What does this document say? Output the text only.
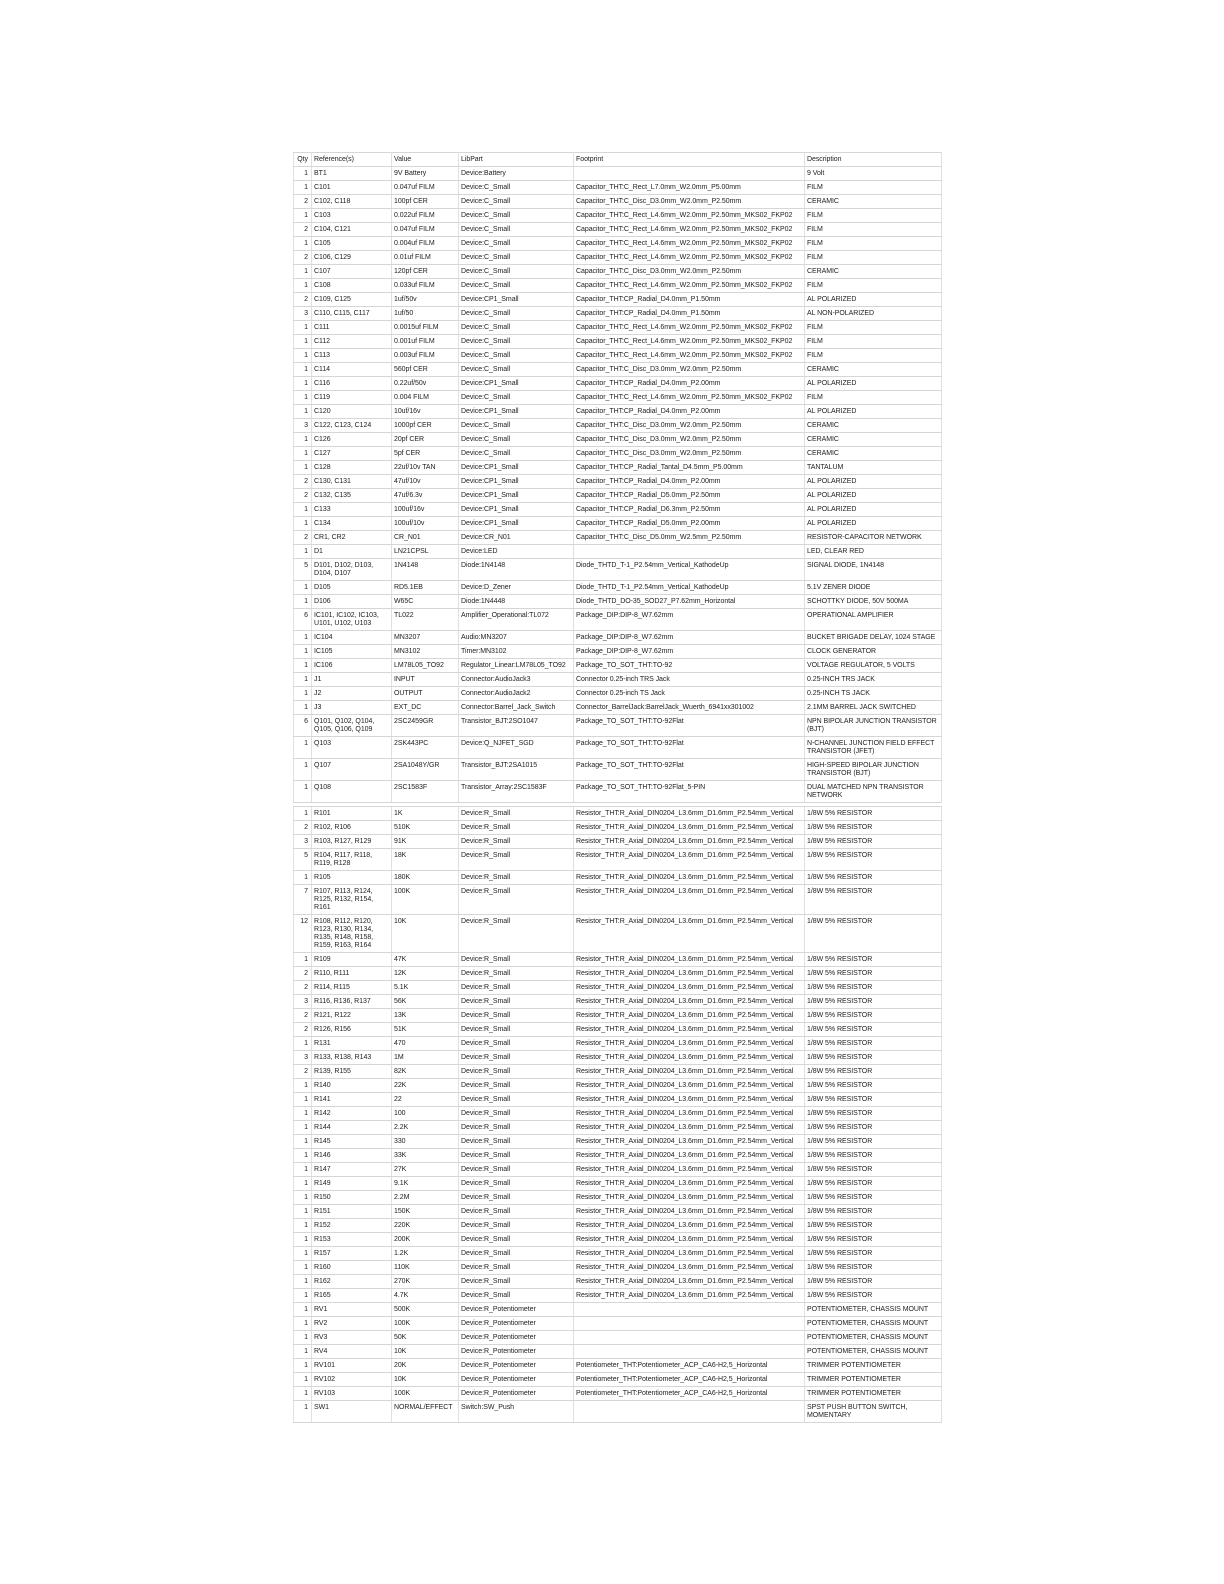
Qty	Reference(s)	Value	LibPart	Footprint	Description
1	BT1	9V Battery	Device:Battery		9 Volt
1	C101	0.047uf FILM	Device:C_Small	Capacitor_THT:C_Rect_L7.0mm_W2.0mm_P5.00mm	FILM
2	C102, C118	100pf CER	Device:C_Small	Capacitor_THT:C_Disc_D3.0mm_W2.0mm_P2.50mm	CERAMIC
1	C103	0.022uf FILM	Device:C_Small	Capacitor_THT:C_Rect_L4.6mm_W2.0mm_P2.50mm_MKS02_FKP02	FILM
2	C104, C121	0.047uf FILM	Device:C_Small	Capacitor_THT:C_Rect_L4.6mm_W2.0mm_P2.50mm_MKS02_FKP02	FILM
1	C105	0.004uf FILM	Device:C_Small	Capacitor_THT:C_Rect_L4.6mm_W2.0mm_P2.50mm_MKS02_FKP02	FILM
2	C106, C129	0.01uf FILM	Device:C_Small	Capacitor_THT:C_Rect_L4.6mm_W2.0mm_P2.50mm_MKS02_FKP02	FILM
1	C107	120pf CER	Device:C_Small	Capacitor_THT:C_Disc_D3.0mm_W2.0mm_P2.50mm	CERAMIC
1	C108	0.033uf FILM	Device:C_Small	Capacitor_THT:C_Rect_L4.6mm_W2.0mm_P2.50mm_MKS02_FKP02	FILM
2	C109, C125	1uf/50v	Device:CP1_Small	Capacitor_THT:CP_Radial_D4.0mm_P1.50mm	AL POLARIZED
3	C110, C115, C117	1uf/50	Device:C_Small	Capacitor_THT:CP_Radial_D4.0mm_P1.50mm	AL NON-POLARIZED
1	C111	0.0015uf FILM	Device:C_Small	Capacitor_THT:C_Rect_L4.6mm_W2.0mm_P2.50mm_MKS02_FKP02	FILM
1	C112	0.001uf FILM	Device:C_Small	Capacitor_THT:C_Rect_L4.6mm_W2.0mm_P2.50mm_MKS02_FKP02	FILM
1	C113	0.003uf FILM	Device:C_Small	Capacitor_THT:C_Rect_L4.6mm_W2.0mm_P2.50mm_MKS02_FKP02	FILM
1	C114	560pf CER	Device:C_Small	Capacitor_THT:C_Disc_D3.0mm_W2.0mm_P2.50mm	CERAMIC
1	C116	0.22uf/50v	Device:CP1_Small	Capacitor_THT:CP_Radial_D4.0mm_P2.00mm	AL POLARIZED
1	C119	0.004 FILM	Device:C_Small	Capacitor_THT:C_Rect_L4.6mm_W2.0mm_P2.50mm_MKS02_FKP02	FILM
1	C120	10uf/16v	Device:CP1_Small	Capacitor_THT:CP_Radial_D4.0mm_P2.00mm	AL POLARIZED
3	C122, C123, C124	1000pf CER	Device:C_Small	Capacitor_THT:C_Disc_D3.0mm_W2.0mm_P2.50mm	CERAMIC
1	C126	20pf CER	Device:C_Small	Capacitor_THT:C_Disc_D3.0mm_W2.0mm_P2.50mm	CERAMIC
1	C127	5pf CER	Device:C_Small	Capacitor_THT:C_Disc_D3.0mm_W2.0mm_P2.50mm	CERAMIC
1	C128	22uf/10v TAN	Device:CP1_Small	Capacitor_THT:CP_Radial_Tantal_D4.5mm_P5.00mm	TANTALUM
2	C130, C131	47uf/10v	Device:CP1_Small	Capacitor_THT:CP_Radial_D4.0mm_P2.00mm	AL POLARIZED
2	C132, C135	47uf/6.3v	Device:CP1_Small	Capacitor_THT:CP_Radial_D5.0mm_P2.50mm	AL POLARIZED
1	C133	100uf/16v	Device:CP1_Small	Capacitor_THT:CP_Radial_D6.3mm_P2.50mm	AL POLARIZED
1	C134	100uf/10v	Device:CP1_Small	Capacitor_THT:CP_Radial_D5.0mm_P2.00mm	AL POLARIZED
2	CR1, CR2	CR_N01	Device:CR_N01	Capacitor_THT:C_Disc_D5.0mm_W2.5mm_P2.50mm	RESISTOR-CAPACITOR NETWORK
1	D1	LN21CPSL	Device:LED		LED, CLEAR RED
5	D101, D102, D103, D104, D107	1N4148	Diode:1N4148	Diode_THTD_T-1_P2.54mm_Vertical_KathodeUp	SIGNAL DIODE, 1N4148
1	D105	RD5.1EB	Device:D_Zener	Diode_THTD_T-1_P2.54mm_Vertical_KathodeUp	5.1V ZENER DIODE
1	D106	W65C	Diode:1N4448	Diode_THTD_DO-35_SOD27_P7.62mm_Horizontal	SCHOTTKY DIODE, 50V 500MA
6	IC101, IC102, IC103, U101, U102, U103	TL022	Amplifier_Operational:TL072	Package_DIP:DIP-8_W7.62mm	OPERATIONAL AMPLIFIER
1	IC104	MN3207	Audio:MN3207	Package_DIP:DIP-8_W7.62mm	BUCKET BRIGADE DELAY, 1024 STAGE
1	IC105	MN3102	Timer:MN3102	Package_DIP:DIP-8_W7.62mm	CLOCK GENERATOR
1	IC106	LM78L05_TO92	Regulator_Linear:LM78L05_TO92	Package_TO_SOT_THT:TO-92	VOLTAGE REGULATOR, 5 VOLTS
1	J1	INPUT	Connector:AudioJack3	Connector 0.25-inch TRS Jack	0.25-INCH TRS JACK
1	J2	OUTPUT	Connector:AudioJack2	Connector 0.25-inch TS Jack	0.25-INCH TS JACK
1	J3	EXT_DC	Connector:Barrel_Jack_Switch	Connector_BarrelJack:BarrelJack_Wuerth_6941xx301002	2.1MM BARREL JACK SWITCHED
6	Q101, Q102, Q104, Q105, Q106, Q109	2SC2459GR	Transistor_BJT:2SO1047	Package_TO_SOT_THT:TO-92Flat	NPN BIPOLAR JUNCTION TRANSISTOR (BJT)
1	Q103	2SK443PC	Device:Q_NJFET_SGD	Package_TO_SOT_THT:TO-92Flat	N-CHANNEL JUNCTION FIELD EFFECT TRANSISTOR (JFET)
1	Q107	2SA1048Y/GR	Transistor_BJT:2SA1015	Package_TO_SOT_THT:TO-92Flat	HIGH-SPEED BIPOLAR JUNCTION TRANSISTOR (BJT)
1	Q108	2SC1583F	Transistor_Array:2SC1583F	Package_TO_SOT_THT:TO-92Flat_5-PIN	DUAL MATCHED NPN TRANSISTOR NETWORK

1	R101	1K	Device:R_Small	Resistor_THT:R_Axial_DIN0204_L3.6mm_D1.6mm_P2.54mm_Vertical	1/8W 5% RESISTOR
2	R102, R106	510K	Device:R_Small	Resistor_THT:R_Axial_DIN0204_L3.6mm_D1.6mm_P2.54mm_Vertical	1/8W 5% RESISTOR
3	R103, R127, R129	91K	Device:R_Small	Resistor_THT:R_Axial_DIN0204_L3.6mm_D1.6mm_P2.54mm_Vertical	1/8W 5% RESISTOR
5	R104, R117, R118, R119, R128	18K	Device:R_Small	Resistor_THT:R_Axial_DIN0204_L3.6mm_D1.6mm_P2.54mm_Vertical	1/8W 5% RESISTOR
1	R105	180K	Device:R_Small	Resistor_THT:R_Axial_DIN0204_L3.6mm_D1.6mm_P2.54mm_Vertical	1/8W 5% RESISTOR
7	R107, R113, R124, R125, R132, R154, R161	100K	Device:R_Small	Resistor_THT:R_Axial_DIN0204_L3.6mm_D1.6mm_P2.54mm_Vertical	1/8W 5% RESISTOR
12	R108, R112, R120, R123, R130, R134, R135, R148, R158, R159, R163, R164	10K	Device:R_Small	Resistor_THT:R_Axial_DIN0204_L3.6mm_D1.6mm_P2.54mm_Vertical	1/8W 5% RESISTOR
1	R109	47K	Device:R_Small	Resistor_THT:R_Axial_DIN0204_L3.6mm_D1.6mm_P2.54mm_Vertical	1/8W 5% RESISTOR
2	R110, R111	12K	Device:R_Small	Resistor_THT:R_Axial_DIN0204_L3.6mm_D1.6mm_P2.54mm_Vertical	1/8W 5% RESISTOR
2	R114, R115	5.1K	Device:R_Small	Resistor_THT:R_Axial_DIN0204_L3.6mm_D1.6mm_P2.54mm_Vertical	1/8W 5% RESISTOR
3	R116, R136, R137	56K	Device:R_Small	Resistor_THT:R_Axial_DIN0204_L3.6mm_D1.6mm_P2.54mm_Vertical	1/8W 5% RESISTOR
2	R121, R122	13K	Device:R_Small	Resistor_THT:R_Axial_DIN0204_L3.6mm_D1.6mm_P2.54mm_Vertical	1/8W 5% RESISTOR
2	R126, R156	51K	Device:R_Small	Resistor_THT:R_Axial_DIN0204_L3.6mm_D1.6mm_P2.54mm_Vertical	1/8W 5% RESISTOR
1	R131	470	Device:R_Small	Resistor_THT:R_Axial_DIN0204_L3.6mm_D1.6mm_P2.54mm_Vertical	1/8W 5% RESISTOR
3	R133, R138, R143	1M	Device:R_Small	Resistor_THT:R_Axial_DIN0204_L3.6mm_D1.6mm_P2.54mm_Vertical	1/8W 5% RESISTOR
2	R139, R155	82K	Device:R_Small	Resistor_THT:R_Axial_DIN0204_L3.6mm_D1.6mm_P2.54mm_Vertical	1/8W 5% RESISTOR
1	R140	22K	Device:R_Small	Resistor_THT:R_Axial_DIN0204_L3.6mm_D1.6mm_P2.54mm_Vertical	1/8W 5% RESISTOR
1	R141	22	Device:R_Small	Resistor_THT:R_Axial_DIN0204_L3.6mm_D1.6mm_P2.54mm_Vertical	1/8W 5% RESISTOR
1	R142	100	Device:R_Small	Resistor_THT:R_Axial_DIN0204_L3.6mm_D1.6mm_P2.54mm_Vertical	1/8W 5% RESISTOR
1	R144	2.2K	Device:R_Small	Resistor_THT:R_Axial_DIN0204_L3.6mm_D1.6mm_P2.54mm_Vertical	1/8W 5% RESISTOR
1	R145	330	Device:R_Small	Resistor_THT:R_Axial_DIN0204_L3.6mm_D1.6mm_P2.54mm_Vertical	1/8W 5% RESISTOR
1	R146	33K	Device:R_Small	Resistor_THT:R_Axial_DIN0204_L3.6mm_D1.6mm_P2.54mm_Vertical	1/8W 5% RESISTOR
1	R147	27K	Device:R_Small	Resistor_THT:R_Axial_DIN0204_L3.6mm_D1.6mm_P2.54mm_Vertical	1/8W 5% RESISTOR
1	R149	9.1K	Device:R_Small	Resistor_THT:R_Axial_DIN0204_L3.6mm_D1.6mm_P2.54mm_Vertical	1/8W 5% RESISTOR
1	R150	2.2M	Device:R_Small	Resistor_THT:R_Axial_DIN0204_L3.6mm_D1.6mm_P2.54mm_Vertical	1/8W 5% RESISTOR
1	R151	150K	Device:R_Small	Resistor_THT:R_Axial_DIN0204_L3.6mm_D1.6mm_P2.54mm_Vertical	1/8W 5% RESISTOR
1	R152	220K	Device:R_Small	Resistor_THT:R_Axial_DIN0204_L3.6mm_D1.6mm_P2.54mm_Vertical	1/8W 5% RESISTOR
1	R153	200K	Device:R_Small	Resistor_THT:R_Axial_DIN0204_L3.6mm_D1.6mm_P2.54mm_Vertical	1/8W 5% RESISTOR
1	R157	1.2K	Device:R_Small	Resistor_THT:R_Axial_DIN0204_L3.6mm_D1.6mm_P2.54mm_Vertical	1/8W 5% RESISTOR
1	R160	110K	Device:R_Small	Resistor_THT:R_Axial_DIN0204_L3.6mm_D1.6mm_P2.54mm_Vertical	1/8W 5% RESISTOR
1	R162	270K	Device:R_Small	Resistor_THT:R_Axial_DIN0204_L3.6mm_D1.6mm_P2.54mm_Vertical	1/8W 5% RESISTOR
1	R165	4.7K	Device:R_Small	Resistor_THT:R_Axial_DIN0204_L3.6mm_D1.6mm_P2.54mm_Vertical	1/8W 5% RESISTOR
1	RV1	500K	Device:R_Potentiometer		POTENTIOMETER, CHASSIS MOUNT
1	RV2	100K	Device:R_Potentiometer		POTENTIOMETER, CHASSIS MOUNT
1	RV3	50K	Device:R_Potentiometer		POTENTIOMETER, CHASSIS MOUNT
1	RV4	10K	Device:R_Potentiometer		POTENTIOMETER, CHASSIS MOUNT
1	RV101	20K	Device:R_Potentiometer	Potentiometer_THT:Potentiometer_ACP_CA6-H2,5_Horizontal	TRIMMER POTENTIOMETER
1	RV102	10K	Device:R_Potentiometer	Potentiometer_THT:Potentiometer_ACP_CA6-H2,5_Horizontal	TRIMMER POTENTIOMETER
1	RV103	100K	Device:R_Potentiometer	Potentiometer_THT:Potentiometer_ACP_CA6-H2,5_Horizontal	TRIMMER POTENTIOMETER
1	SW1	NORMAL/EFFECT	Switch:SW_Push		SPST PUSH BUTTON SWITCH, MOMENTARY
